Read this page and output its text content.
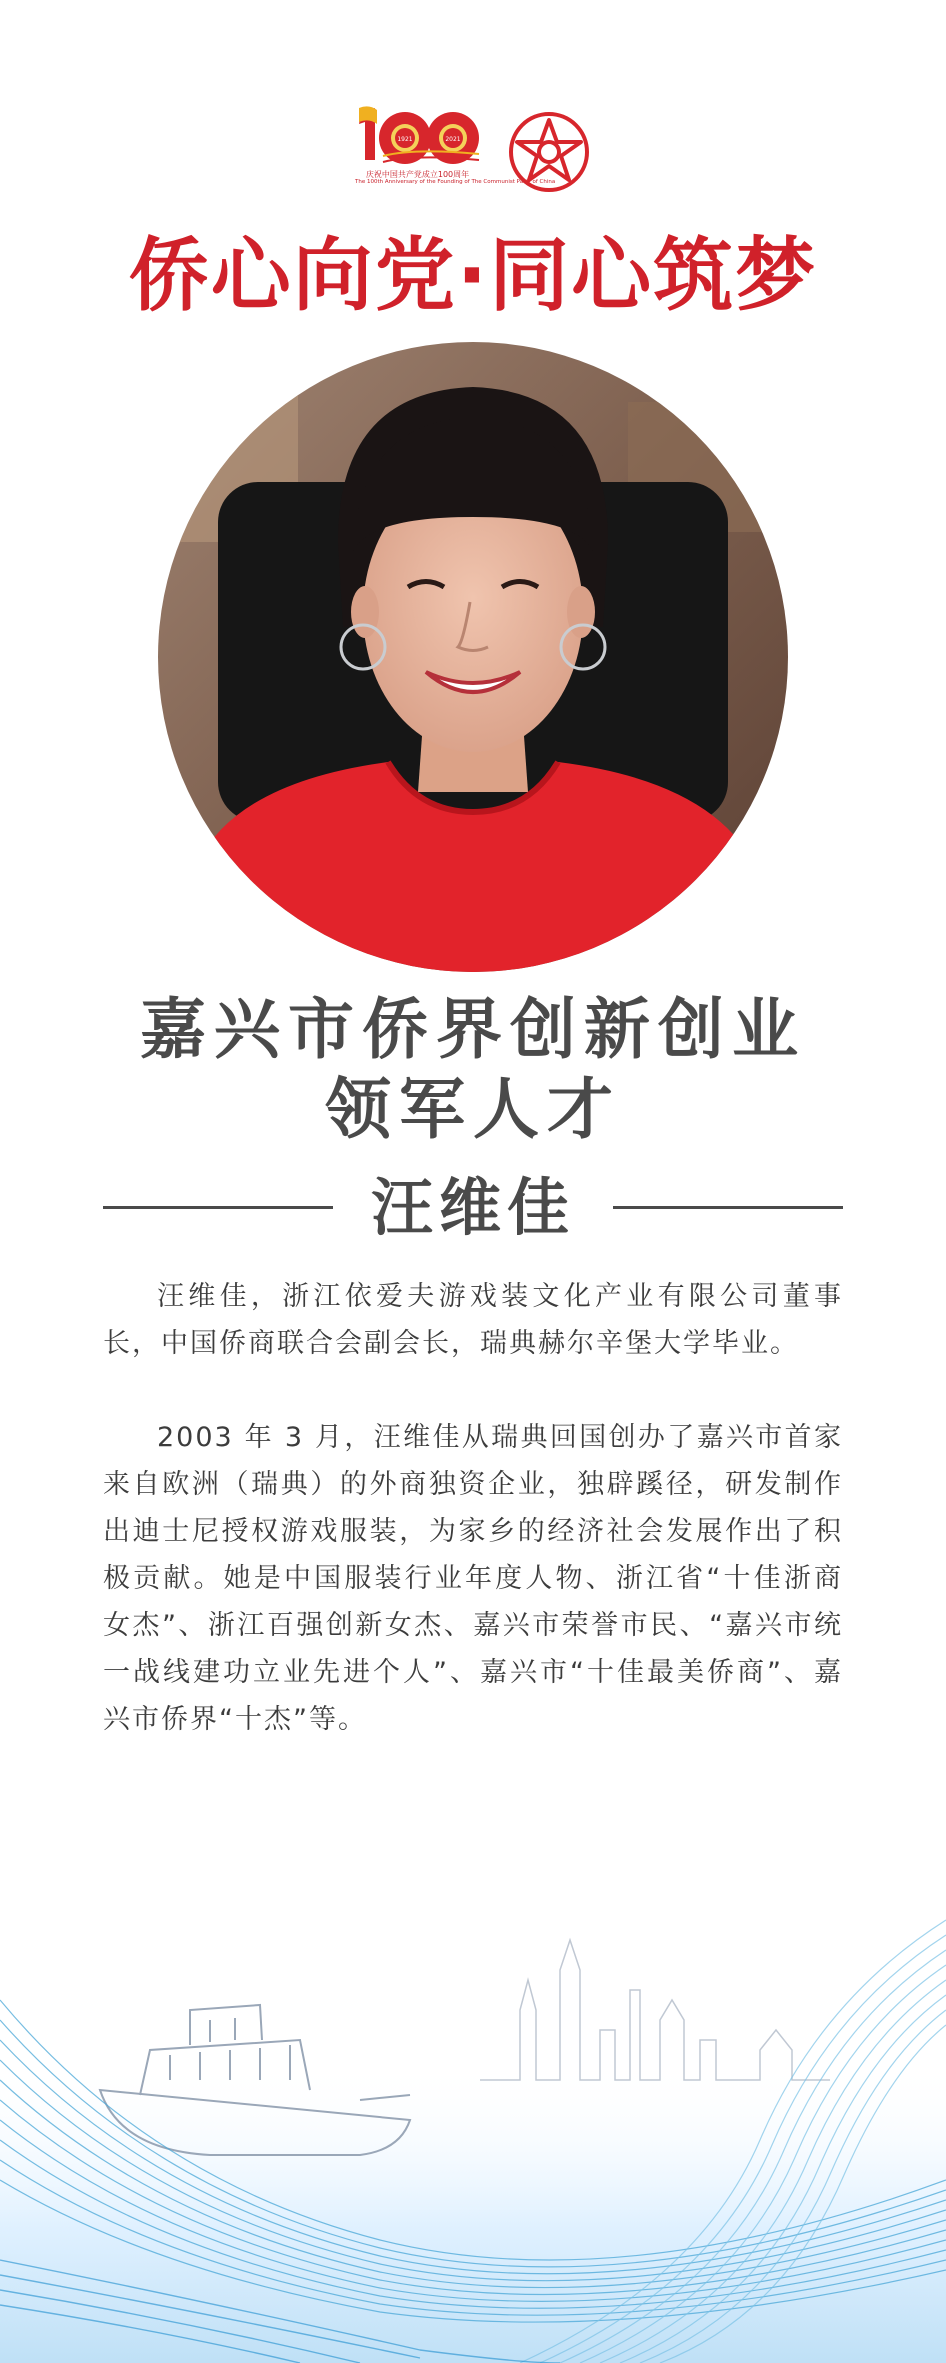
1921	2021
庆祝中国共产党成立100周年
The 100th Anniversary of the Founding of The Communist Party of China
侨心向党·同心筑梦
嘉兴市侨界创新创业
领军人才
汪维佳

汪维佳，浙江依爱夫游戏装文化产业有限公司董事长，中国侨商联合会副会长，瑞典赫尔辛堡大学毕业。

2003 年 3 月，汪维佳从瑞典回国创办了嘉兴市首家来自欧洲（瑞典）的外商独资企业，独辟蹊径，研发制作出迪士尼授权游戏服装，为家乡的经济社会发展作出了积极贡献。她是中国服装行业年度人物、浙江省“十佳浙商女杰”、浙江百强创新女杰、嘉兴市荣誉市民、“嘉兴市统一战线建功立业先进个人”、嘉兴市“十佳最美侨商”、嘉兴市侨界“十杰”等。
